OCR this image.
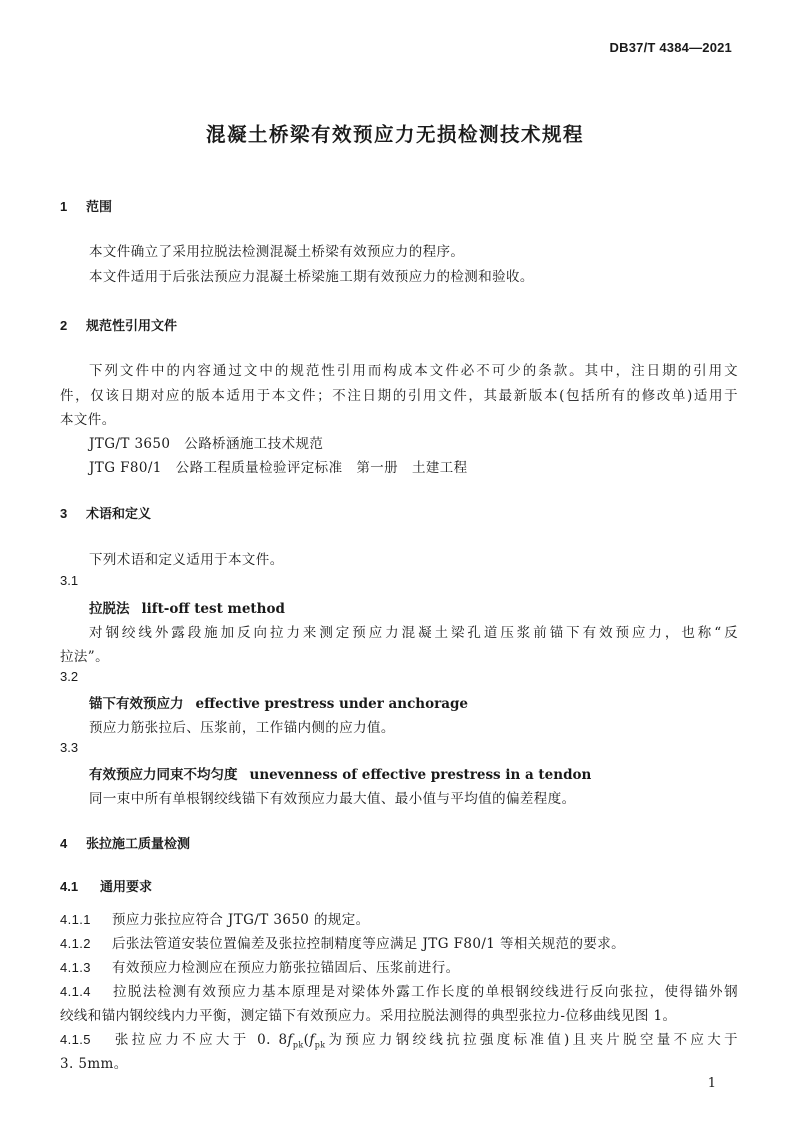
DB37/T 4384—2021
混凝土桥梁有效预应力无损检测技术规程
1 范围
本文件确立了采用拉脱法检测混凝土桥梁有效预应力的程序。
本文件适用于后张法预应力混凝土桥梁施工期有效预应力的检测和验收。
2 规范性引用文件
下列文件中的内容通过文中的规范性引用而构成本文件必不可少的条款。其中，注日期的引用文
件，仅该日期对应的版本适用于本文件；不注日期的引用文件，其最新版本(包括所有的修改单)适用于
本文件。
JTG/T 3650　公路桥涵施工技术规范
JTG F80/1　公路工程质量检验评定标准　第一册　土建工程
3 术语和定义
下列术语和定义适用于本文件。
3.1
拉脱法 lift-off test method
对钢绞线外露段施加反向拉力来测定预应力混凝土梁孔道压浆前锚下有效预应力，也称“反
拉法”。
3.2
锚下有效预应力 effective prestress under anchorage
预应力筋张拉后、压浆前，工作锚内侧的应力值。
3.3
有效预应力同束不均匀度 unevenness of effective prestress in a tendon
同一束中所有单根钢绞线锚下有效预应力最大值、最小值与平均值的偏差程度。
4 张拉施工质量检测
4.1 通用要求
4.1.1 预应力张拉应符合 JTG/T 3650 的规定。
4.1.2 后张法管道安装位置偏差及张拉控制精度等应满足 JTG F80/1 等相关规范的要求。
4.1.3 有效预应力检测应在预应力筋张拉锚固后、压浆前进行。
4.1.4 拉脱法检测有效预应力基本原理是对梁体外露工作长度的单根钢绞线进行反向张拉，使得锚外钢
绞线和锚内钢绞线内力平衡，测定锚下有效预应力。采用拉脱法测得的典型张拉力-位移曲线见图 1。
4.1.5 张拉应力不应大于 0. $8f_{pk}(f_{pk}$为预应力钢绞线抗拉强度标准值)且夹片脱空量不应大于
3. 5mm。
1
